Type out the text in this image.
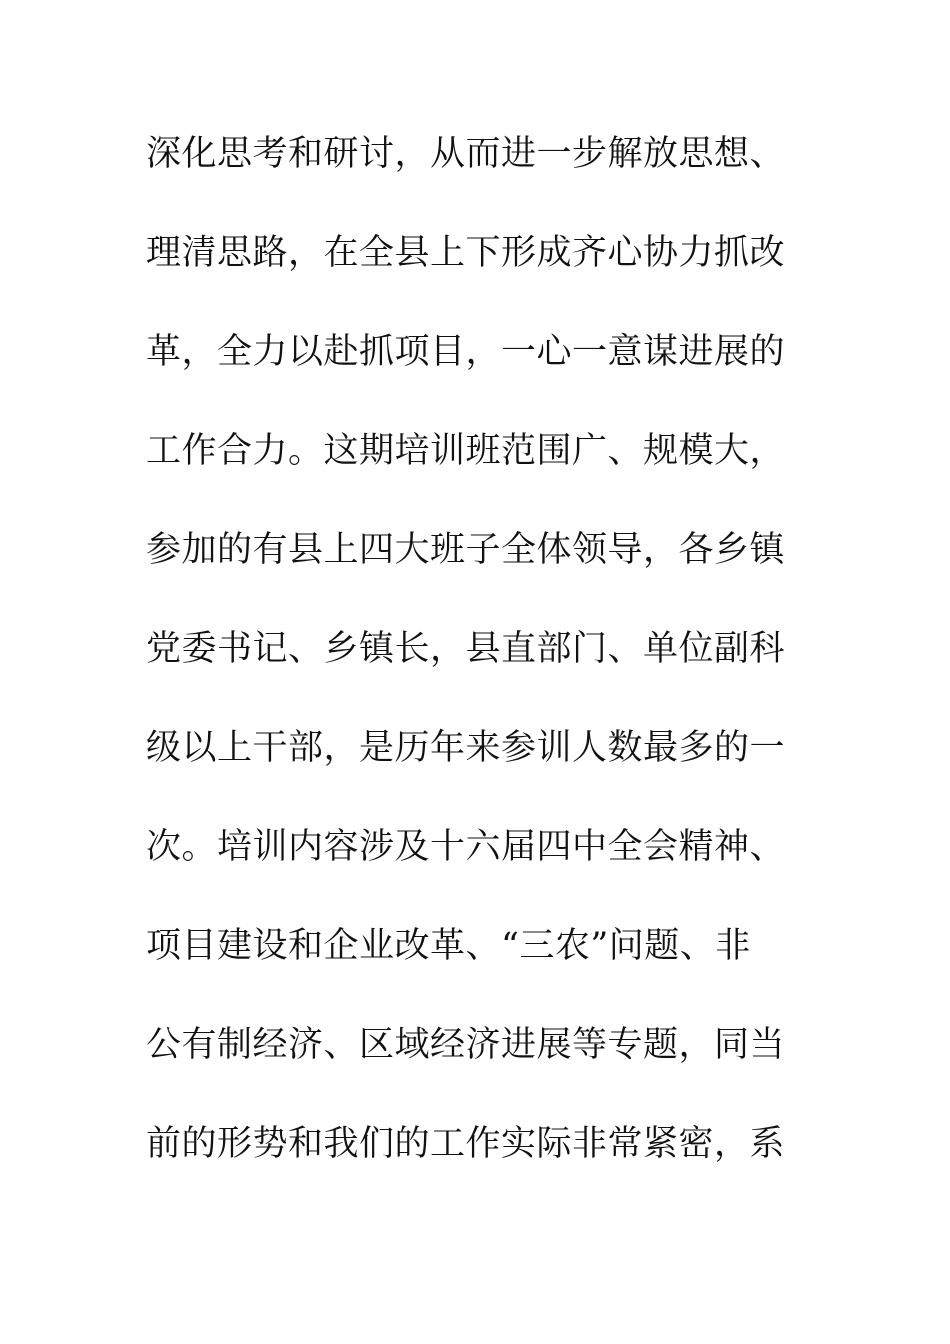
深化思考和研讨，从而进一步解放思想、
理清思路，在全县上下形成齐心协力抓改
革，全力以赴抓项目，一心一意谋进展的
工作合力。这期培训班范围广、规模大，
参加的有县上四大班子全体领导，各乡镇
党委书记、乡镇长，县直部门、单位副科
级以上干部，是历年来参训人数最多的一
次。培训内容涉及十六届四中全会精神、
项目建设和企业改革、“三农”问题、非
公有制经济、区域经济进展等专题，同当
前的形势和我们的工作实际非常紧密，系
